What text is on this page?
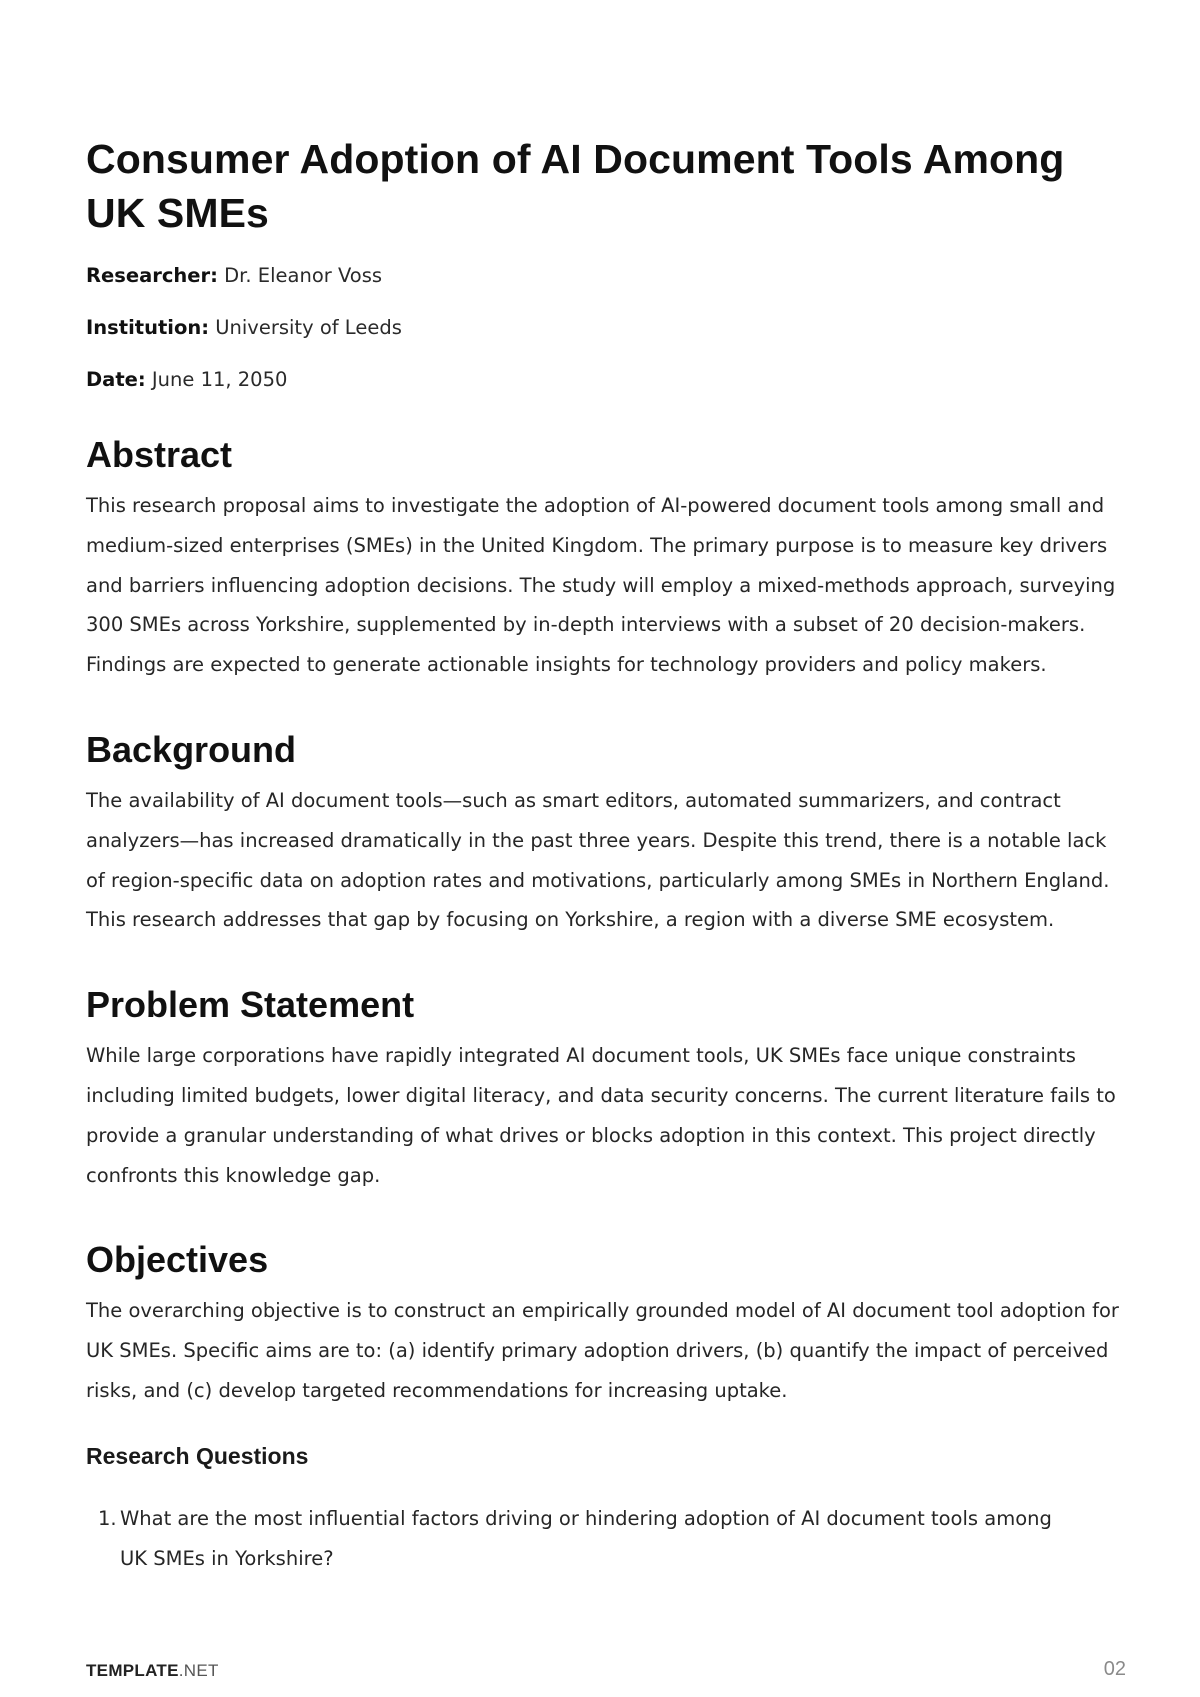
Consumer Adoption of AI Document Tools Among UK SMEs

Researcher: Dr. Eleanor Voss

Institution: University of Leeds

Date: June 11, 2050

Abstract

This research proposal aims to investigate the adoption of AI-powered document tools among small and medium-sized enterprises (SMEs) in the United Kingdom. The primary purpose is to measure key drivers and barriers influencing adoption decisions. The study will employ a mixed-methods approach, surveying 300 SMEs across Yorkshire, supplemented by in-depth interviews with a subset of 20 decision-makers. Findings are expected to generate actionable insights for technology providers and policy makers.

Background

The availability of AI document tools—such as smart editors, automated summarizers, and contract analyzers—has increased dramatically in the past three years. Despite this trend, there is a notable lack of region-specific data on adoption rates and motivations, particularly among SMEs in Northern England. This research addresses that gap by focusing on Yorkshire, a region with a diverse SME ecosystem.

Problem Statement

While large corporations have rapidly integrated AI document tools, UK SMEs face unique constraints including limited budgets, lower digital literacy, and data security concerns. The current literature fails to provide a granular understanding of what drives or blocks adoption in this context. This project directly confronts this knowledge gap.

Objectives

The overarching objective is to construct an empirically grounded model of AI document tool adoption for UK SMEs. Specific aims are to: (a) identify primary adoption drivers, (b) quantify the impact of perceived risks, and (c) develop targeted recommendations for increasing uptake.

Research Questions
1. What are the most influential factors driving or hindering adoption of AI document tools among UK SMEs in Yorkshire?
TEMPLATE.NET	02
